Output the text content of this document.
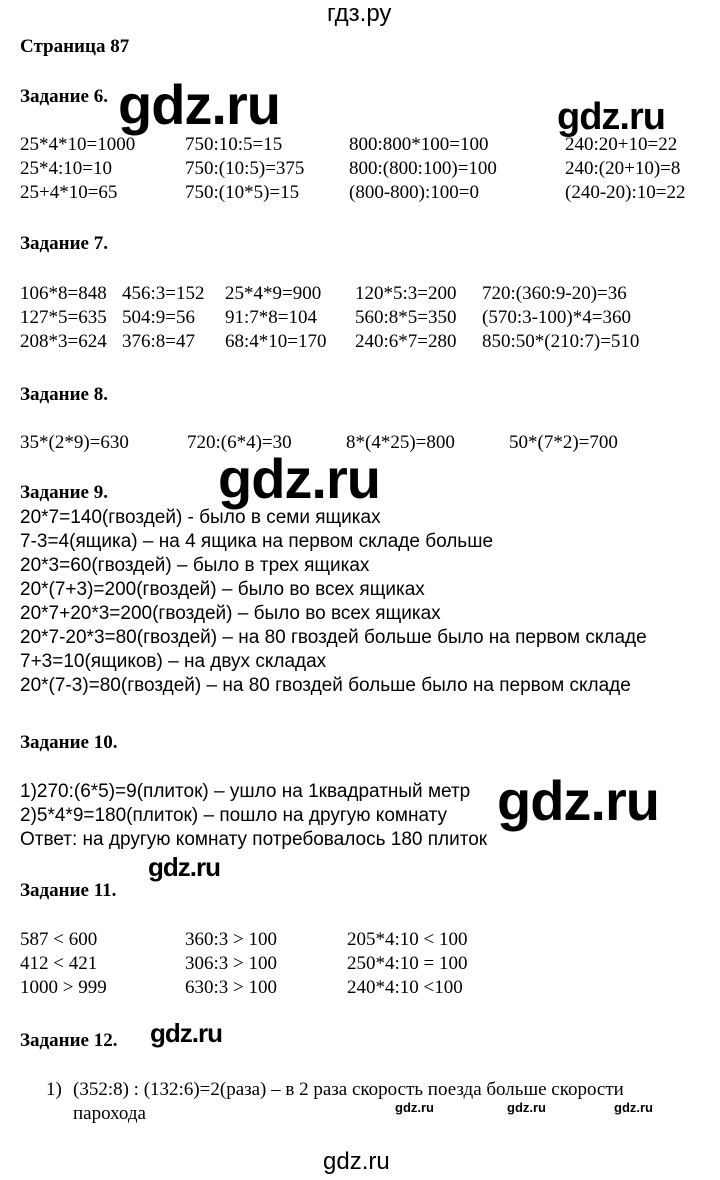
гдз.ру
Страница 87
Задание 6.
25*4*10=1000	750:10:5=15	800:800*100=100	240:20+10=22
25*4:10=10	750:(10:5)=375 800:(800:100)=100	240:(20+10)=8
25+4*10=65	750:(10*5)=15	(800-800):100=0	(240-20):10=22
Задание 7.
106*8=848 456:3=152 25*4*9=900 120*5:3=200 720:(360:9-20)=36
127*5=635 504:9=56 91:7*8=104 560:8*5=350 (570:3-100)*4=360
208*3=624 376:8=47 68:4*10=170 240:6*7=280 850:50*(210:7)=510
Задание 8.
35*(2*9)=630	720:(6*4)=30	8*(4*25)=800	50*(7*2)=700
Задание 9.
20*7=140(гвоздей) - было в семи ящиках
7-3=4(ящика) – на 4 ящика на первом складе больше
20*3=60(гвоздей) – было в трех ящиках
20*(7+3)=200(гвоздей) – было во всех ящиках
20*7+20*3=200(гвоздей) – было во всех ящиках
20*7-20*3=80(гвоздей) – на 80 гвоздей больше было на первом складе
7+3=10(ящиков) – на двух складах
20*(7-3)=80(гвоздей) – на 80 гвоздей больше было на первом складе
Задание 10.
1)270:(6*5)=9(плиток) – ушло на 1квадратный метр
2)5*4*9=180(плиток) – пошло на другую комнату
Ответ: на другую комнату потребовалось 180 плиток
Задание 11.
587 < 600	360:3 > 100	205*4:10 < 100
412 < 421	306:3 > 100	250*4:10 = 100
1000 > 999	630:3 > 100	240*4:10 <100
Задание 12.
1) (352:8) : (132:6)=2(раза) – в 2 раза скорость поезда больше скорости
парохода
gdz.ru	gdz.ru
gdz.ru
gdz.ru
gdz.ru
gdz.ru
gdz.ru	gdz.ru	gdz.ru
gdz.ru
